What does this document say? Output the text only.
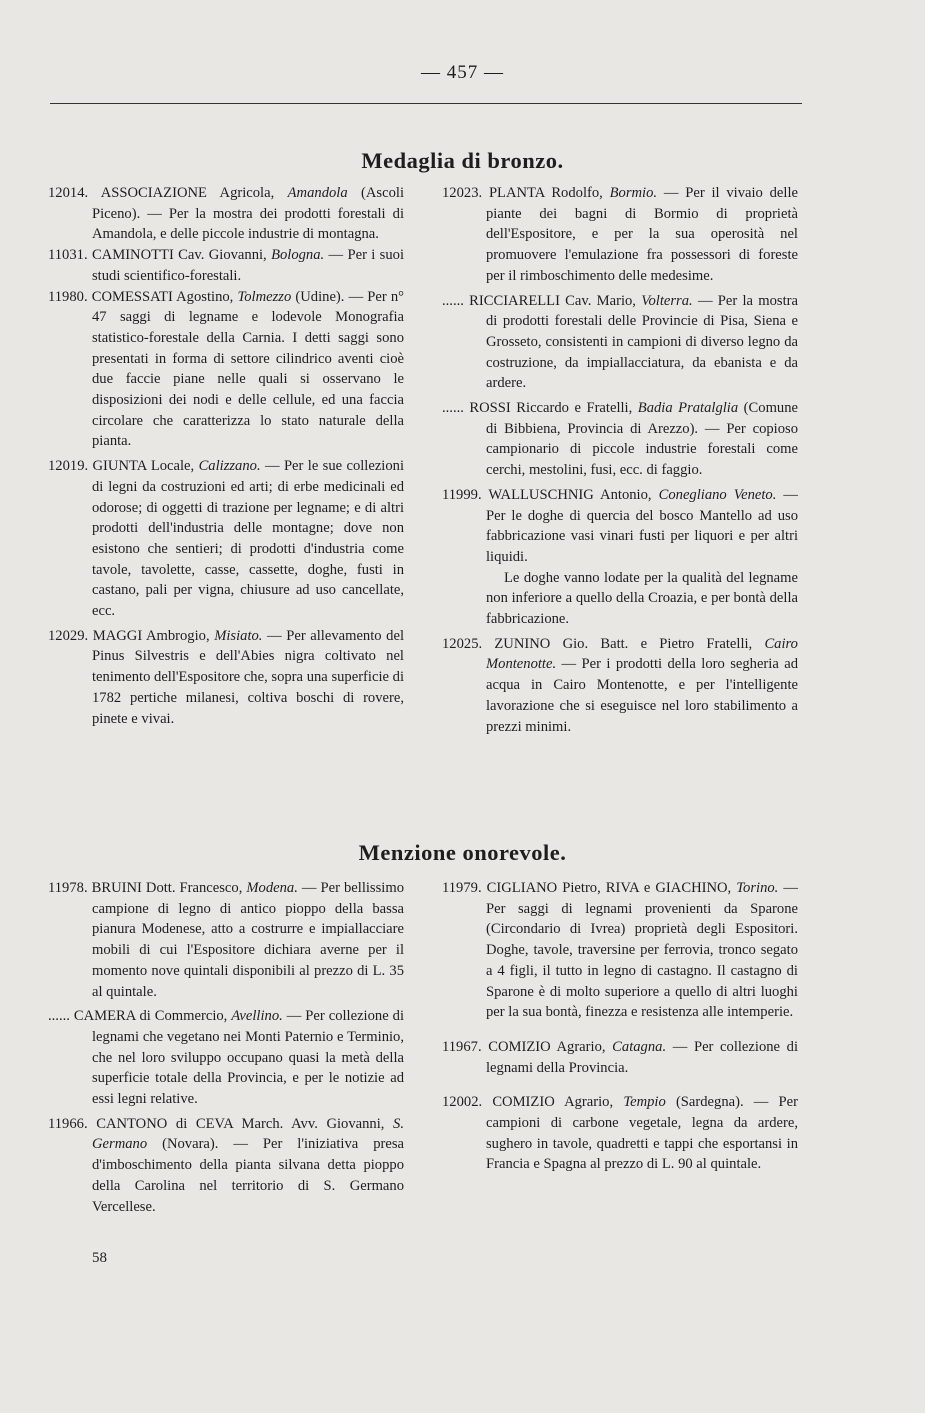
— 457 —
Medaglia di bronzo.
12014. ASSOCIAZIONE Agricola, Amandola (Ascoli Piceno). — Per la mostra dei prodotti forestali di Amandola, e delle piccole industrie di montagna.
11031. CAMINOTTI Cav. Giovanni, Bologna. — Per i suoi studi scientifico-forestali.
11980. COMESSATI Agostino, Tolmezzo (Udine). — Per n° 47 saggi di legname e lodevole Monografia statistico-forestale della Carnia. I detti saggi sono presentati in forma di settore cilindrico aventi cioè due faccie piane nelle quali si osservano le disposizioni dei nodi e delle cellule, ed una faccia circolare che caratterizza lo stato naturale della pianta.
12019. GIUNTA Locale, Calizzano. — Per le sue collezioni di legni da costruzioni ed arti; di erbe medicinali ed odorose; di oggetti di trazione per legname; e di altri prodotti dell'industria delle montagne; dove non esistono che sentieri; di prodotti d'industria come tavole, tavolette, casse, cassette, doghe, fusti in castano, pali per vigna, chiusure ad uso cancellate, ecc.
12029. MAGGI Ambrogio, Misiato. — Per allevamento del Pinus Silvestris e dell'Abies nigra coltivato nel tenimento dell'Espositore che, sopra una superficie di 1782 pertiche milanesi, coltiva boschi di rovere, pinete e vivai.
12023. PLANTA Rodolfo, Bormio. — Per il vivaio delle piante dei bagni di Bormio di proprietà dell'Espositore, e per la sua operosità nel promuovere l'emulazione fra possessori di foreste per il rimboschimento delle medesime.
...... RICCIARELLI Cav. Mario, Volterra. — Per la mostra di prodotti forestali delle Provincie di Pisa, Siena e Grosseto, consistenti in campioni di diverso legno da costruzione, da impiallacciatura, da ebanista e da ardere.
...... ROSSI Riccardo e Fratelli, Badia Pratalglia (Comune di Bibbiena, Provincia di Arezzo). — Per copioso campionario di piccole industrie forestali come cerchi, mestolini, fusi, ecc. di faggio.
11999. WALLUSCHNIG Antonio, Conegliano Veneto. — Per le doghe di quercia del bosco Mantello ad uso fabbricazione vasi vinari fusti per liquori e per altri liquidi.
Le doghe vanno lodate per la qualità del legname non inferiore a quello della Croazia, e per bontà della fabbricazione.
12025. ZUNINO Gio. Batt. e Pietro Fratelli, Cairo Montenotte. — Per i prodotti della loro segheria ad acqua in Cairo Montenotte, e per l'intelligente lavorazione che si eseguisce nel loro stabilimento a prezzi minimi.
Menzione onorevole.
11978. BRUINI Dott. Francesco, Modena. — Per bellissimo campione di legno di antico pioppo della bassa pianura Modenese, atto a costrurre e impiallacciare mobili di cui l'Espositore dichiara averne per il momento nove quintali disponibili al prezzo di L. 35 al quintale.
...... CAMERA di Commercio, Avellino. — Per collezione di legnami che vegetano nei Monti Paternio e Terminio, che nel loro sviluppo occupano quasi la metà della superficie totale della Provincia, e per le notizie ad essi legni relative.
11966. CANTONO di CEVA March. Avv. Giovanni, S. Germano (Novara). — Per l'iniziativa presa d'imboschimento della pianta silvana detta pioppo della Carolina nel territorio di S. Germano Vercellese.
11979. CIGLIANO Pietro, RIVA e GIACHINO, Torino. — Per saggi di legnami provenienti da Sparone (Circondario di Ivrea) proprietà degli Espositori. Doghe, tavole, traversine per ferrovia, tronco segato a 4 figli, il tutto in legno di castagno. Il castagno di Sparone è di molto superiore a quello di altri luoghi per la sua bontà, finezza e resistenza alle intemperie.
11967. COMIZIO Agrario, Catagna. — Per collezione di legnami della Provincia.
12002. COMIZIO Agrario, Tempio (Sardegna). — Per campioni di carbone vegetale, legna da ardere, sughero in tavole, quadretti e tappi che esportansi in Francia e Spagna al prezzo di L. 90 al quintale.
58
